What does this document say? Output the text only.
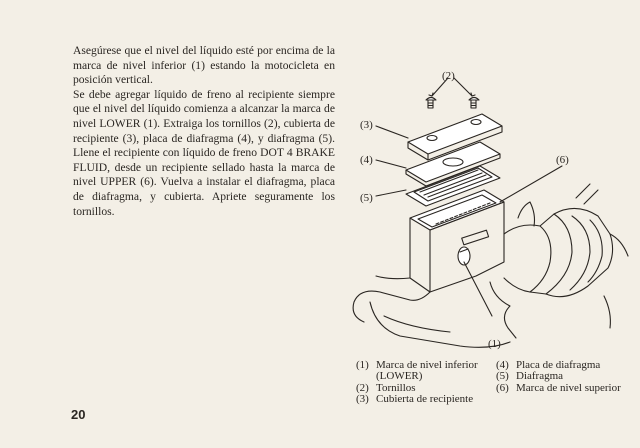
Asegúrese que el nivel del líquido esté por encima de la marca de nivel inferior (1) estando la motocicleta en posición vertical.

Se debe agregar líquido de freno al recipiente siempre que el nivel del líquido comienza a alcanzar la marca de nivel LOWER (1). Extraiga los tornillos (2), cubierta de recipiente (3), placa de diafragma (4), y diafragma (5). Llene el recipiente con líquido de freno DOT 4 BRAKE FLUID, desde un recipiente sellado hasta la marca de nivel UPPER (6). Vuelva a instalar el diafragma, placa de diafragma, y cubierta. Apriete seguramente los tornillos.

(2)
(3)
(4)
(5)
(6)
(1)
(1) Marca de nivel inferior (LOWER)
(2) Tornillos
(3) Cubierta de recipiente
(4) Placa de diafragma
(5) Diafragma
(6) Marca de nivel superior
20
